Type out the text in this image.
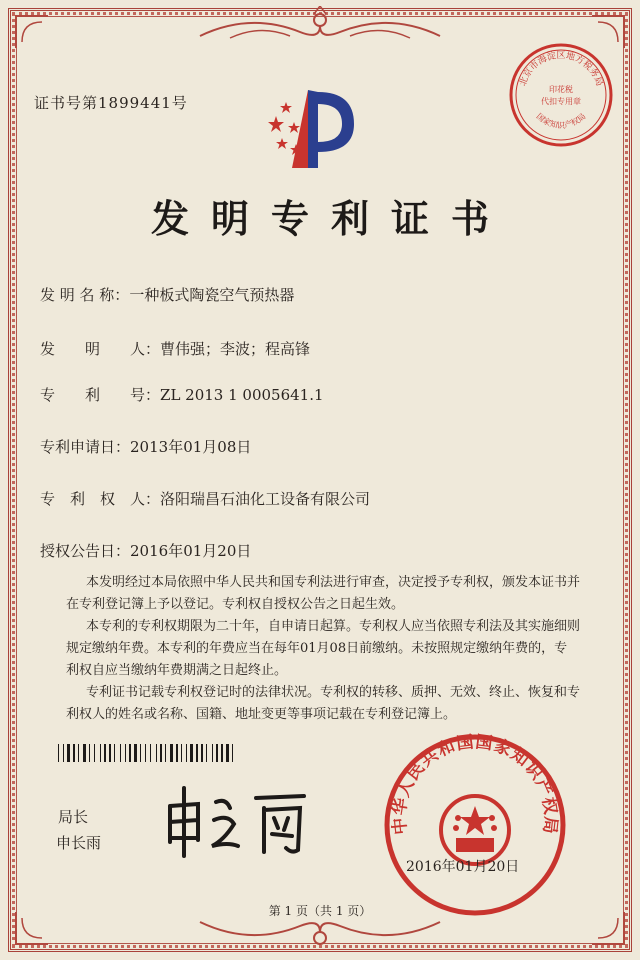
证书号第1899441号
北京市海淀区地方税务局
印花税
代扣专用章
国家知识产权局
发明专利证书
发 明 名 称：一种板式陶瓷空气预热器
发　　明　　人：曹伟强；李波；程高锋
专　　利　　号：ZL 2013 1 0005641.1
专利申请日：2013年01月08日
专　利　权　人：洛阳瑞昌石油化工设备有限公司
授权公告日：2016年01月20日
本发明经过本局依照中华人民共和国专利法进行审查，决定授予专利权，颁发本证书并在专利登记簿上予以登记。专利权自授权公告之日起生效。
本专利的专利权期限为二十年，自申请日起算。专利权人应当依照专利法及其实施细则规定缴纳年费。本专利的年费应当在每年01月08日前缴纳。未按照规定缴纳年费的，专利权自应当缴纳年费期满之日起终止。
专利证书记载专利权登记时的法律状况。专利权的转移、质押、无效、终止、恢复和专利权人的姓名或名称、国籍、地址变更等事项记载在专利登记簿上。
局长
申长雨
中华人民共和国国家知识产权局
2016年01月20日
第 1 页（共 1 页）
